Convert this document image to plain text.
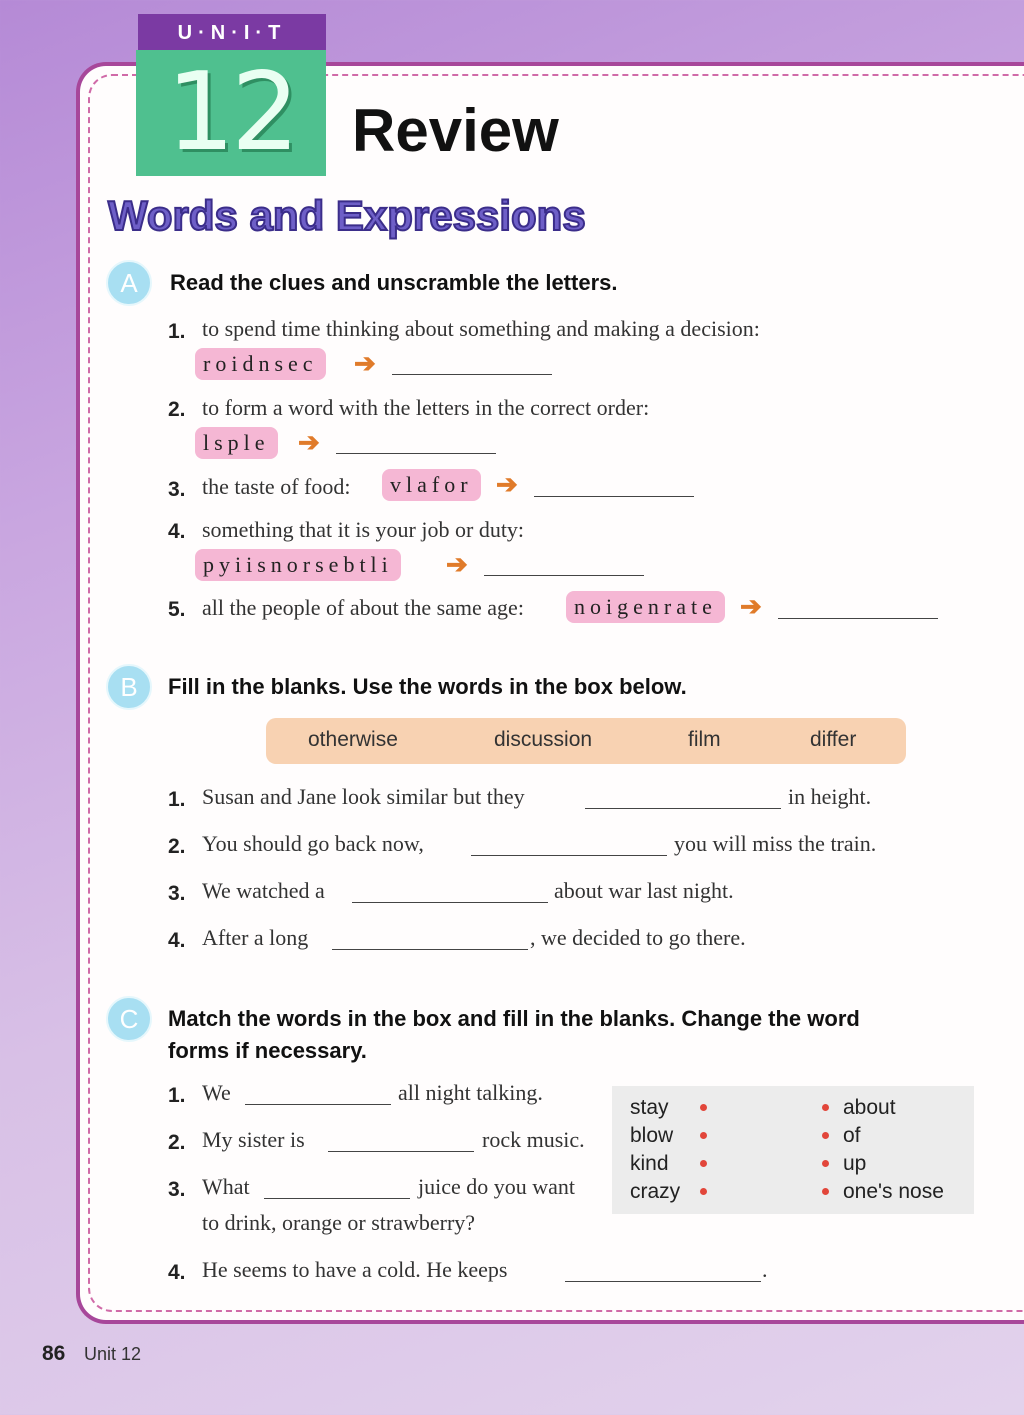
U·N·I·T
12 Review
Words and Expressions
A	Read the clues and unscramble the letters.
1. to spend time thinking about something and making a decision:
roidnsec	➔
2. to form a word with the letters in the correct order:
lsple	➔
3. the taste of food:	vlafor ➔
4. something that it is your job or duty:
pyiisnorsebtli	➔
5. all the people of about the same age:	noigenrate ➔
B	Fill in the blanks. Use the words in the box below.
otherwise	discussion	film	differ
1. Susan and Jane look similar but they	in height.
2. You should go back now,	you will miss the train.
3. We watched a	about war last night.
4. After a long	, we decided to go there.
C	Match the words in the box and fill in the blanks. Change the word
forms if necessary.
1. We	all night talking.
2. My sister is	rock music.
3. What	juice do you want
to drink, orange or strawberry?
4. He seems to have a cold. He keeps	.
stay
blow
kind
crazy
about
of
up
one's nose
86 Unit 12
